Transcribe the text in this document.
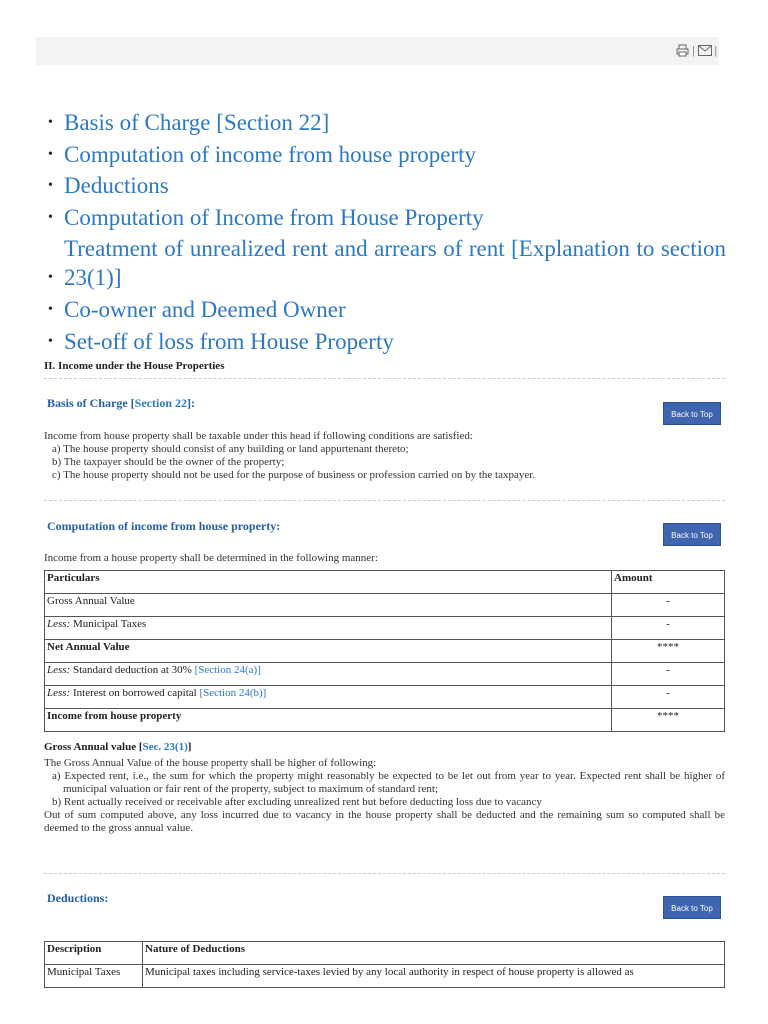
| |
• Basis of Charge [Section 22]
• Computation of income from house property
• Deductions
• Computation of Income from House Property
• Treatment of unrealized rent and arrears of rent [Explanation to section 23(1)]
• Co-owner and Deemed Owner
• Set-off of loss from House Property
II. Income under the House Properties
Basis of Charge [Section 22]:
Back to Top
Income from house property shall be taxable under this head if following conditions are satisfied:
a) The house property should consist of any building or land appurtenant thereto;
b) The taxpayer should be the owner of the property;
c) The house property should not be used for the purpose of business or profession carried on by the taxpayer.
Computation of income from house property:
Back to Top
Income from a house property shall be determined in the following manner:
Particulars	Amount
Gross Annual Value	-
Less: Municipal Taxes	-
Net Annual Value	****
Less: Standard deduction at 30% [Section 24(a)]	-
Less: Interest on borrowed capital [Section 24(b)]	-
Income from house property	****
Gross Annual value [Sec. 23(1)]
The Gross Annual Value of the house property shall be higher of following:
a) Expected rent, i.e., the sum for which the property might reasonably be expected to be let out from year to year. Expected rent shall be higher of municipal valuation or fair rent of the property, subject to maximum of standard rent;
b) Rent actually received or receivable after excluding unrealized rent but before deducting loss due to vacancy
Out of sum computed above, any loss incurred due to vacancy in the house property shall be deducted and the remaining sum so computed shall be deemed to the gross annual value.
Deductions:
Back to Top
Description	Nature of Deductions
Municipal Taxes	Municipal taxes including service-taxes levied by any local authority in respect of house property is allowed as
